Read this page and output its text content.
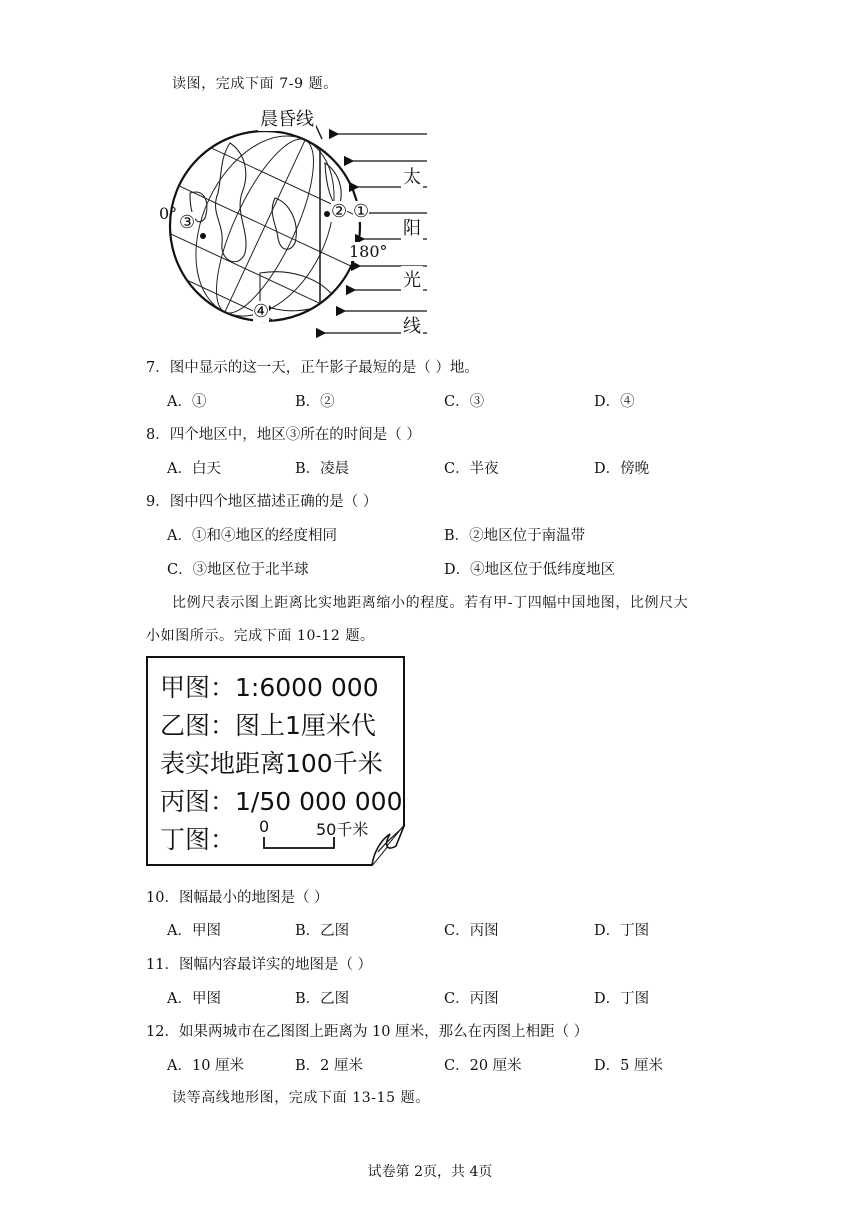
读图，完成下面 7-9 题。
晨昏线
0°
180°
①
②
③
④
太
阳
光
线
7．图中显示的这一天，正午影子最短的是（ ）地。
A．①	B．②	C．③	D．④
8．四个地区中，地区③所在的时间是（ ）
A．白天	B．凌晨	C．半夜	D．傍晚
9．图中四个地区描述正确的是（ ）
A．①和④地区的经度相同	B．②地区位于南温带
C．③地区位于北半球	D．④地区位于低纬度地区
比例尺表示图上距离比实地距离缩小的程度。若有甲-丁四幅中国地图，比例尺大
小如图所示。完成下面 10-12 题。
甲图：1:6000 000
乙图：图上1厘米代
表实地距离100千米
丙图：1/50 000 000
丁图： 0	50千米
10．图幅最小的地图是（ ）
A．甲图	B．乙图	C．丙图	D．丁图
11．图幅内容最详实的地图是（ ）
A．甲图	B．乙图	C．丙图	D．丁图
12．如果两城市在乙图图上距离为 10 厘米，那么在丙图上相距（ ）
A．10 厘米	B．2 厘米	C．20 厘米	D．5 厘米
读等高线地形图，完成下面 13-15 题。
试卷第 2页，共 4页
